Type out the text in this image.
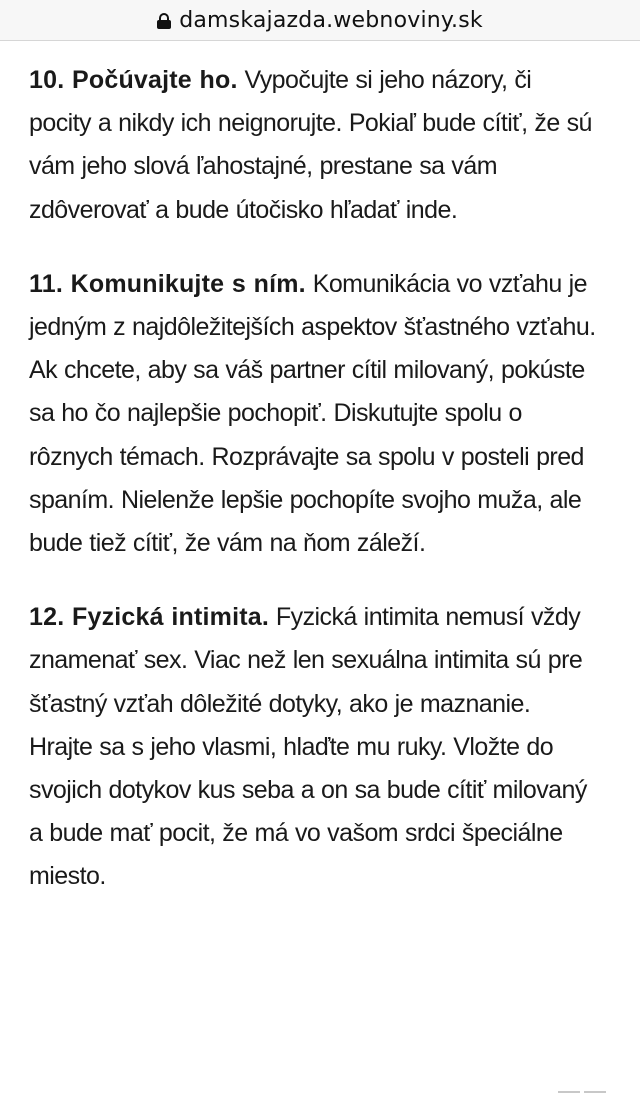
damskajazda.webnoviny.sk

10. Počúvajte ho. Vypočujte si jeho názory, či pocity a nikdy ich neignorujte. Pokiaľ bude cítiť, že sú vám jeho slová ľahostajné, prestane sa vám zdôverovať a bude útočisko hľadať inde.

11. Komunikujte s ním. Komunikácia vo vzťahu je jedným z najdôležitejších aspektov šťastného vzťahu. Ak chcete, aby sa váš partner cítil milovaný, pokúste sa ho čo najlepšie pochopiť. Diskutujte spolu o rôznych témach. Rozprávajte sa spolu v posteli pred spaním. Nielenže lepšie pochopíte svojho muža, ale bude tiež cítiť, že vám na ňom záleží.

12. Fyzická intimita. Fyzická intimita nemusí vždy znamenať sex. Viac než len sexuálna intimita sú pre šťastný vzťah dôležité dotyky, ako je maznanie. Hrajte sa s jeho vlasmi, hlaďte mu ruky. Vložte do svojich dotykov kus seba a on sa bude cítiť milovaný a bude mať pocit, že má vo vašom srdci špeciálne miesto.
